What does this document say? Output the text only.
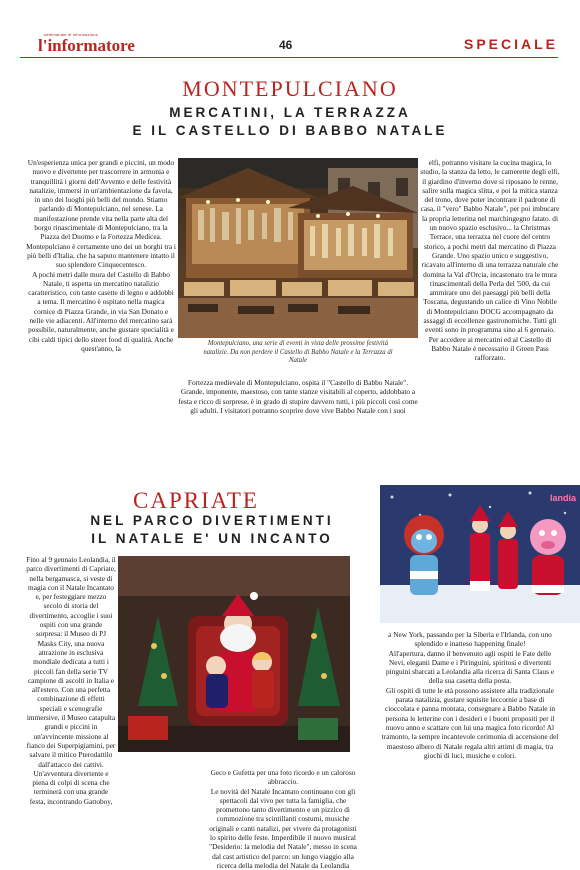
settimanale di informazione
l'informatore	46	SPECIALE
MONTEPULCIANO
MERCATINI, LA TERRAZZA
E IL CASTELLO DI BABBO NATALE

Un'esperienza unica per grandi e piccini, un modo nuovo e divertente per trascorrere in armonia e tranquillità i giorni dell'Avvento e delle festività natalizie, immersi in un'ambientazione da favola, in uno dei luoghi più belli del mondo. Stiamo parlando di Montepulciano, nel senese. La manifestazione prende vita nella parte alta del borgo rinascimentale di Montepulciano, tra la Piazza del Duomo e la Fortezza Medicea. Montepulciano è certamente uno dei un borghi tra i più belli d'Italia, che ha saputo mantenere intatto il suo splendore Cinquecentesco.
A pochi metri dalle mura del Castello di Babbo Natale, ti aspetta un mercatino natalizio caratteristico, con tante casette di legno e addobbi a tema. Il mercatino è ospitato nella magica cornice di Piazza Grande, in via San Donato e nelle vie adiacenti. All'interno del mercatino sarà possibile, naturalmente, anche gustare specialità e cibi caldi tipici dello street food di qualità. Anche quest'anno, la

Montepulciano, una serie di eventi in vista delle prossime festività natalizie. Da non perdere il Castello di Babbo Natale e la Terrazza di Natale

Fortezza medievale di Montepulciano, ospita il "Castello di Babbo Natale". Grande, imponente, maestoso, con tante stanze visitabili al coperto, addobbato a festa e ricco di sorprese, è in grado di stupire davvero tutti, i più piccoli così come gli adulti. I visitatori potranno scoprire dove vive Babbo Natale con i suoi

elfi, potranno visitare la cucina magica, lo studio, la stanza da letto, le camerette degli elfi, il giardino d'inverno dove si riposano le renne, salire sulla magica slitta, e poi la mitica stanza del trono, dove poter incontrare il padrone di casa, il "vero" Babbo Natale", per poi imbucare la propria letterina nel marchingegno fatato. di un nuovo spazio esclusivo... la Christmas Terrace, una terrazza nel cuore del centro storico, a pochi metri dal mercatino di Piazza Grande. Uno spazio unico e suggestivo, ricavato all'interno di una terrazza naturale che domina la Val d'Orcia, incastonato tra le mura rinascimentali della Perla del '500, da cui ammirare uno dei paesaggi più belli della Toscana, degustando un calice di Vino Nobile di Montepulciano DOCG accompagnato da assaggi di eccellenze gastronomiche. Tutti gli eventi sono in programma sino al 6 gennaio.
Per accedere ai mercatini ed al Castello di Babbo Natale è necessario il Green Pass rafforzato.

CAPRIATE
NEL PARCO DIVERTIMENTI
IL NATALE E' UN INCANTO
landia

Fino al 9 gennaio Leolandia, il parco divertimenti di Capriate, nella bergamasca, si veste di magia con il Natale Incantato e, per festeggiare mezzo secolo di storia del divertimento, accoglie i suoi ospiti con una grande sorpresa: il Museo di PJ Masks City, una nuova attrazione in esclusiva mondiale dedicata a tutti i piccoli fan della serie TV campione di ascolti in Italia e all'estero. Con una perfetta combinazione di effetti speciali e scenografie immersive, il Museo catapulta grandi e piccini in un'avvincente missione al fianco dei Superpigiamini, per salvare il mitico Pterodattilo dall'attacco dei cattivi. Un'avventura divertente e piena di colpi di scena che terminerà con una grande festa, incontrando Gattoboy,

Geco e Gufetta per una foto ricordo e un caloroso abbraccio.
Le novità del Natale Incantato continuano con gli spettacoli dal vivo per tutta la famiglia, che promettono tanto divertimento e un pizzico di commozione tra scintillanti costumi, musiche originali e canti natalizi, per vivere da protagonisti lo spirito delle feste. Imperdibile il nuovo musical "Desiderio: la melodia del Natale", messo in scena dal cast artistico del parco: un lungo viaggio alla ricerca della melodia del Natale da Leolandia

a New York, passando per la Siberia e l'Irlanda, con uno splendido e inatteso happening finale!
All'apertura, danno il benvenuto agli ospiti le Fate delle Nevi, eleganti Dame e i Piringuini, spiritosi e divertenti pinguini sbarcati a Leolandia alla ricerca di Santa Claus e della sua casetta della posta.
Gli ospiti di tutte le età possono assistere alla tradizionale parata natalizia, gustare squisite leccornie a base di cioccolata e panna montata, consegnare a Babbo Natale in persona le letterine con i desideri e i buoni propositi per il nuovo anno e scattare con lui una magica foto ricordo! Al tramonto, la sempre incantevole cerimonia di accensione del maestoso albero di Natale regala altri attimi di magia, tra giochi di luci, musiche e colori.
